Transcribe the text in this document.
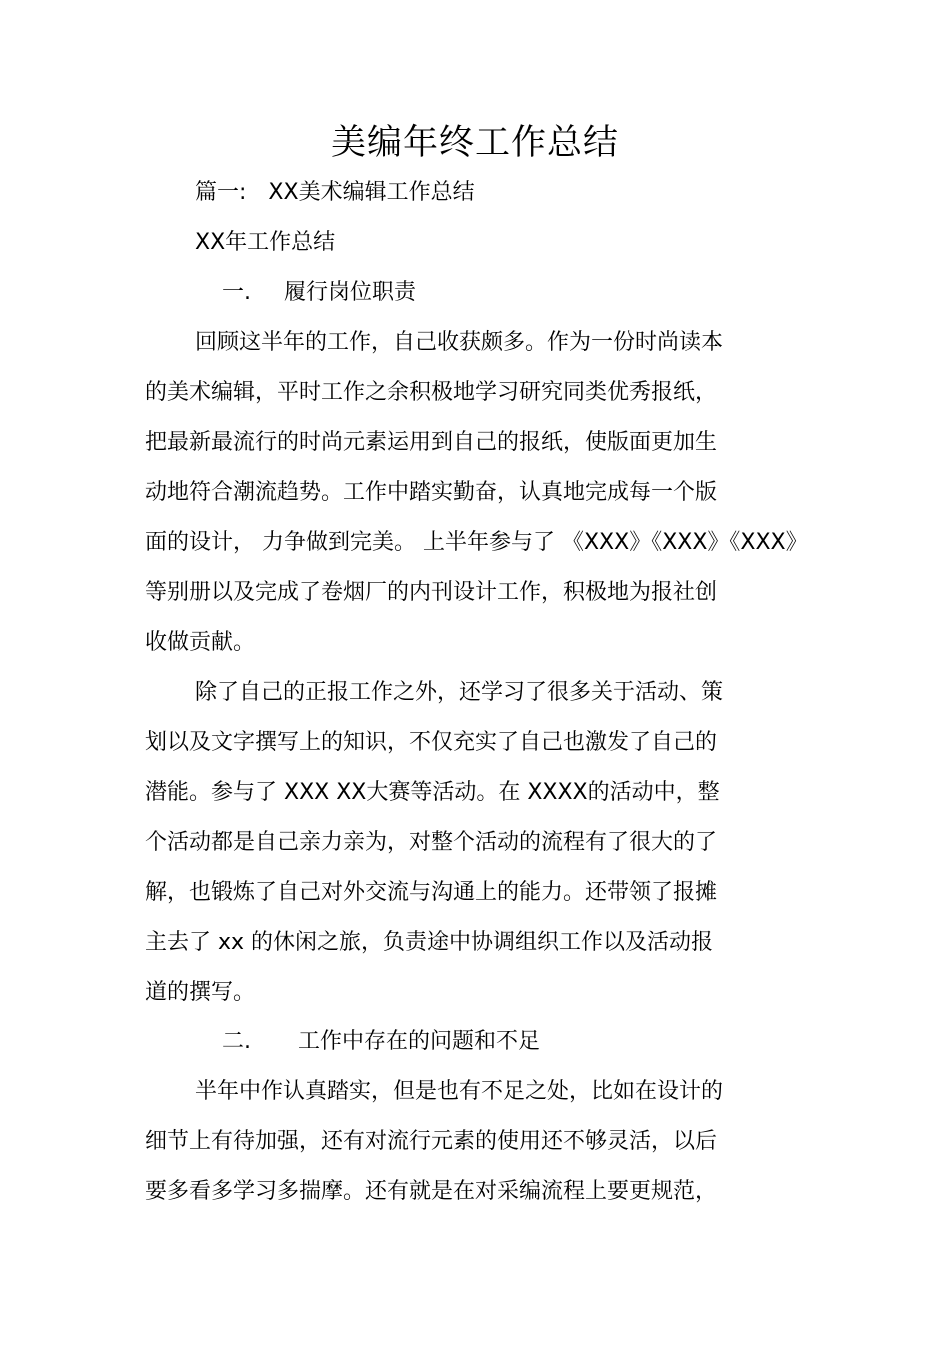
美编年终工作总结
篇一: XX美术编辑工作总结
XX年工作总结
一. 履行岗位职责
回顾这半年的工作，自己收获颇多。作为一份时尚读本
的美术编辑，平时工作之余积极地学习研究同类优秀报纸，
把最新最流行的时尚元素运用到自己的报纸，使版面更加生
动地符合潮流趋势。工作中踏实勤奋，认真地完成每一个版
面的设计， 力争做到完美。 上半年参与了 《XXX》《XXX》《XXX》
等别册以及完成了卷烟厂的内刊设计工作，积极地为报社创
收做贡献。
除了自己的正报工作之外，还学习了很多关于活动、策
划以及文字撰写上的知识，不仅充实了自己也激发了自己的
潜能。参与了 XXX XX大赛等活动。在 XXXX的活动中，整
个活动都是自己亲力亲为，对整个活动的流程有了很大的了
解，也锻炼了自己对外交流与沟通上的能力。还带领了报摊
主去了 xx 的休闲之旅，负责途中协调组织工作以及活动报
道的撰写。
二. 工作中存在的问题和不足
半年中作认真踏实，但是也有不足之处，比如在设计的
细节上有待加强，还有对流行元素的使用还不够灵活，以后
要多看多学习多揣摩。还有就是在对采编流程上要更规范，
